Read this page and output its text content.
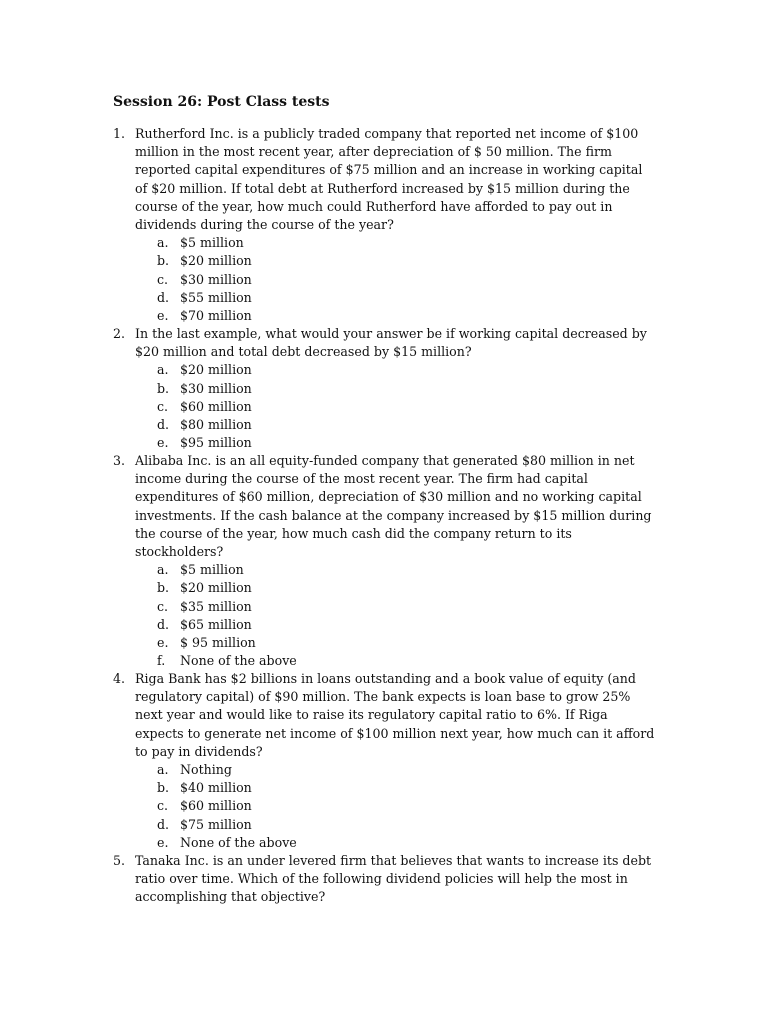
Session 26: Post Class tests
1. Rutherford Inc. is a publicly traded company that reported net income of $100
million in the most recent year, after depreciation of $ 50 million. The firm
reported capital expenditures of $75 million and an increase in working capital
of $20 million. If total debt at Rutherford increased by $15 million during the
course of the year, how much could Rutherford have afforded to pay out in
dividends during the course of the year?
a. $5 million
b. $20 million
c. $30 million
d. $55 million
e. $70 million
2. In the last example, what would your answer be if working capital decreased by
$20 million and total debt decreased by $15 million?
a. $20 million
b. $30 million
c. $60 million
d. $80 million
e. $95 million
3. Alibaba Inc. is an all equity-funded company that generated $80 million in net
income during the course of the most recent year. The firm had capital
expenditures of $60 million, depreciation of $30 million and no working capital
investments. If the cash balance at the company increased by $15 million during
the course of the year, how much cash did the company return to its
stockholders?
a. $5 million
b. $20 million
c. $35 million
d. $65 million
e. $ 95 million
f.	None of the above
4. Riga Bank has $2 billions in loans outstanding and a book value of equity (and
regulatory capital) of $90 million. The bank expects is loan base to grow 25%
next year and would like to raise its regulatory capital ratio to 6%. If Riga
expects to generate net income of $100 million next year, how much can it afford
to pay in dividends?
a. Nothing
b. $40 million
c. $60 million
d. $75 million
e. None of the above
5. Tanaka Inc. is an under levered firm that believes that wants to increase its debt
ratio over time. Which of the following dividend policies will help the most in
accomplishing that objective?
